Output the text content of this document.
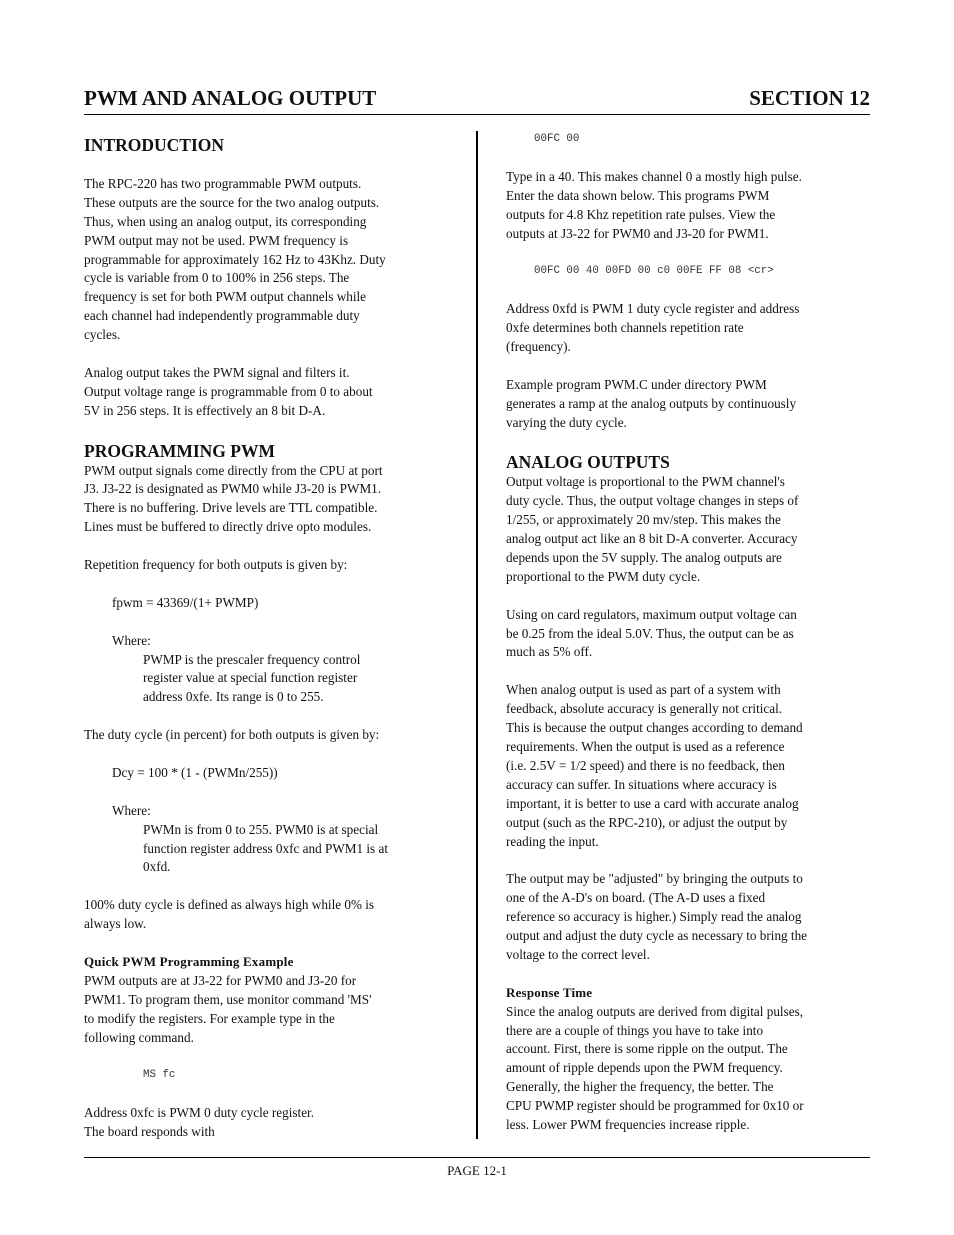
PWM AND ANALOG OUTPUT	SECTION 12
INTRODUCTION

The RPC-220 has two programmable PWM outputs.
These outputs are the source for the two analog outputs.
Thus, when using an analog output, its corresponding
PWM output may not be used. PWM frequency is
programmable for approximately 162 Hz to 43Khz. Duty
cycle is variable from 0 to 100% in 256 steps. The
frequency is set for both PWM output channels while
each channel had independently programmable duty
cycles.

Analog output takes the PWM signal and filters it.
Output voltage range is programmable from 0 to about
5V in 256 steps. It is effectively an 8 bit D-A.

PROGRAMMING PWM

PWM output signals come directly from the CPU at port
J3. J3-22 is designated as PWM0 while J3-20 is PWM1.
There is no buffering. Drive levels are TTL compatible.
Lines must be buffered to directly drive opto modules.

Repetition frequency for both outputs is given by:

fpwm = 43369/(1+ PWMP)

Where:

PWMP is the prescaler frequency control
register value at special function register
address 0xfe. Its range is 0 to 255.

The duty cycle (in percent) for both outputs is given by:

Dcy = 100 * (1 - (PWMn/255))

Where:

PWMn is from 0 to 255. PWM0 is at special
function register address 0xfc and PWM1 is at
0xfd.

100% duty cycle is defined as always high while 0% is
always low.

Quick PWM Programming Example

PWM outputs are at J3-22 for PWM0 and J3-20 for
PWM1. To program them, use monitor command 'MS'
to modify the registers. For example type in the
following command.

MS fc

Address 0xfc is PWM 0 duty cycle register.
The board responds with

00FC 00

Type in a 40. This makes channel 0 a mostly high pulse.
Enter the data shown below. This programs PWM
outputs for 4.8 Khz repetition rate pulses. View the
outputs at J3-22 for PWM0 and J3-20 for PWM1.

00FC 00 40 00FD 00 c0 00FE FF 08 <cr>

Address 0xfd is PWM 1 duty cycle register and address
0xfe determines both channels repetition rate
(frequency).

Example program PWM.C under directory PWM
generates a ramp at the analog outputs by continuously
varying the duty cycle.

ANALOG OUTPUTS

Output voltage is proportional to the PWM channel's
duty cycle. Thus, the output voltage changes in steps of
1/255, or approximately 20 mv/step. This makes the
analog output act like an 8 bit D-A converter. Accuracy
depends upon the 5V supply. The analog outputs are
proportional to the PWM duty cycle.

Using on card regulators, maximum output voltage can
be 0.25 from the ideal 5.0V. Thus, the output can be as
much as 5% off.

When analog output is used as part of a system with
feedback, absolute accuracy is generally not critical.
This is because the output changes according to demand
requirements. When the output is used as a reference
(i.e. 2.5V = 1/2 speed) and there is no feedback, then
accuracy can suffer. In situations where accuracy is
important, it is better to use a card with accurate analog
output (such as the RPC-210), or adjust the output by
reading the input.

The output may be "adjusted" by bringing the outputs to
one of the A-D's on board. (The A-D uses a fixed
reference so accuracy is higher.) Simply read the analog
output and adjust the duty cycle as necessary to bring the
voltage to the correct level.

Response Time

Since the analog outputs are derived from digital pulses,
there are a couple of things you have to take into
account. First, there is some ripple on the output. The
amount of ripple depends upon the PWM frequency.
Generally, the higher the frequency, the better. The
CPU PWMP register should be programmed for 0x10 or
less. Lower PWM frequencies increase ripple.

PAGE 12-1
